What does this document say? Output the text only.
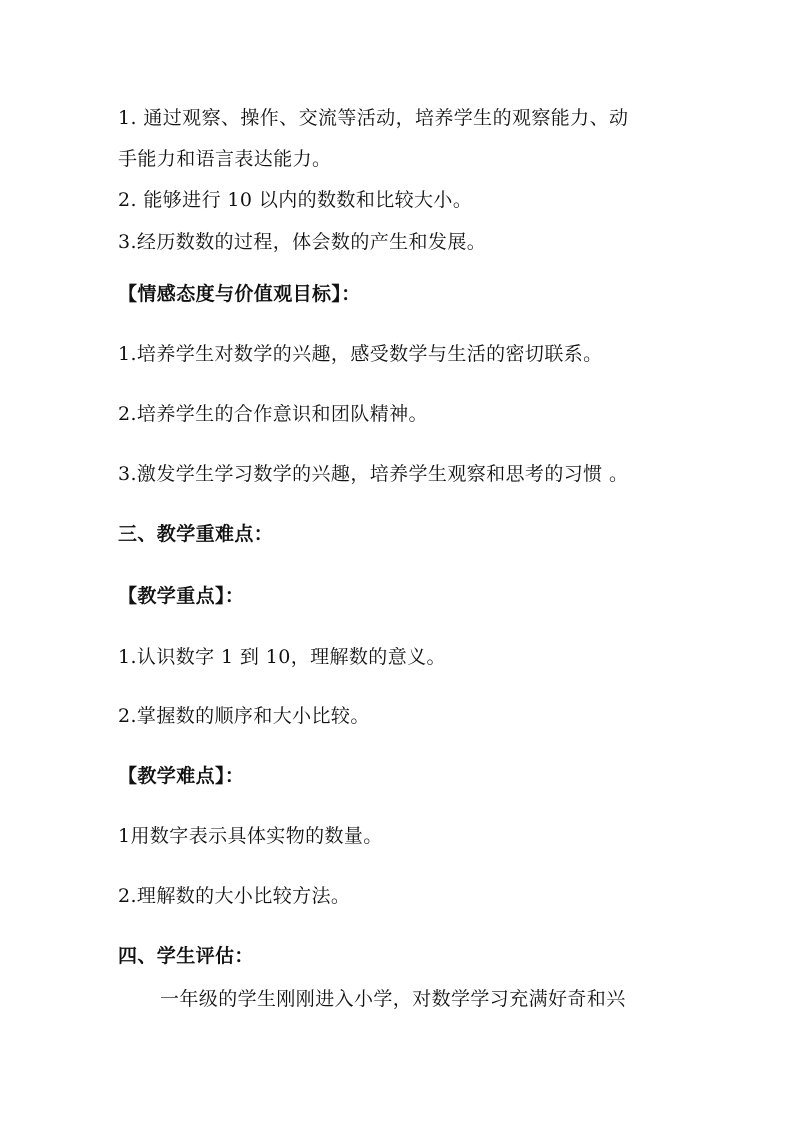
1. 通过观察、操作、交流等活动，培养学生的观察能力、动
手能力和语言表达能力。
2. 能够进行 10 以内的数数和比较大小。
3.经历数数的过程，体会数的产生和发展。
【情感态度与价值观目标】：
1.培养学生对数学的兴趣，感受数学与生活的密切联系。
2.培养学生的合作意识和团队精神。
3.激发学生学习数学的兴趣，培养学生观察和思考的习惯 。
三、教学重难点：
【教学重点】：
1.认识数字 1 到 10，理解数的意义。
2.掌握数的顺序和大小比较。
【教学难点】：
1用数字表示具体实物的数量。
2.理解数的大小比较方法。
四、学生评估：
一年级的学生刚刚进入小学，对数学学习充满好奇和兴
